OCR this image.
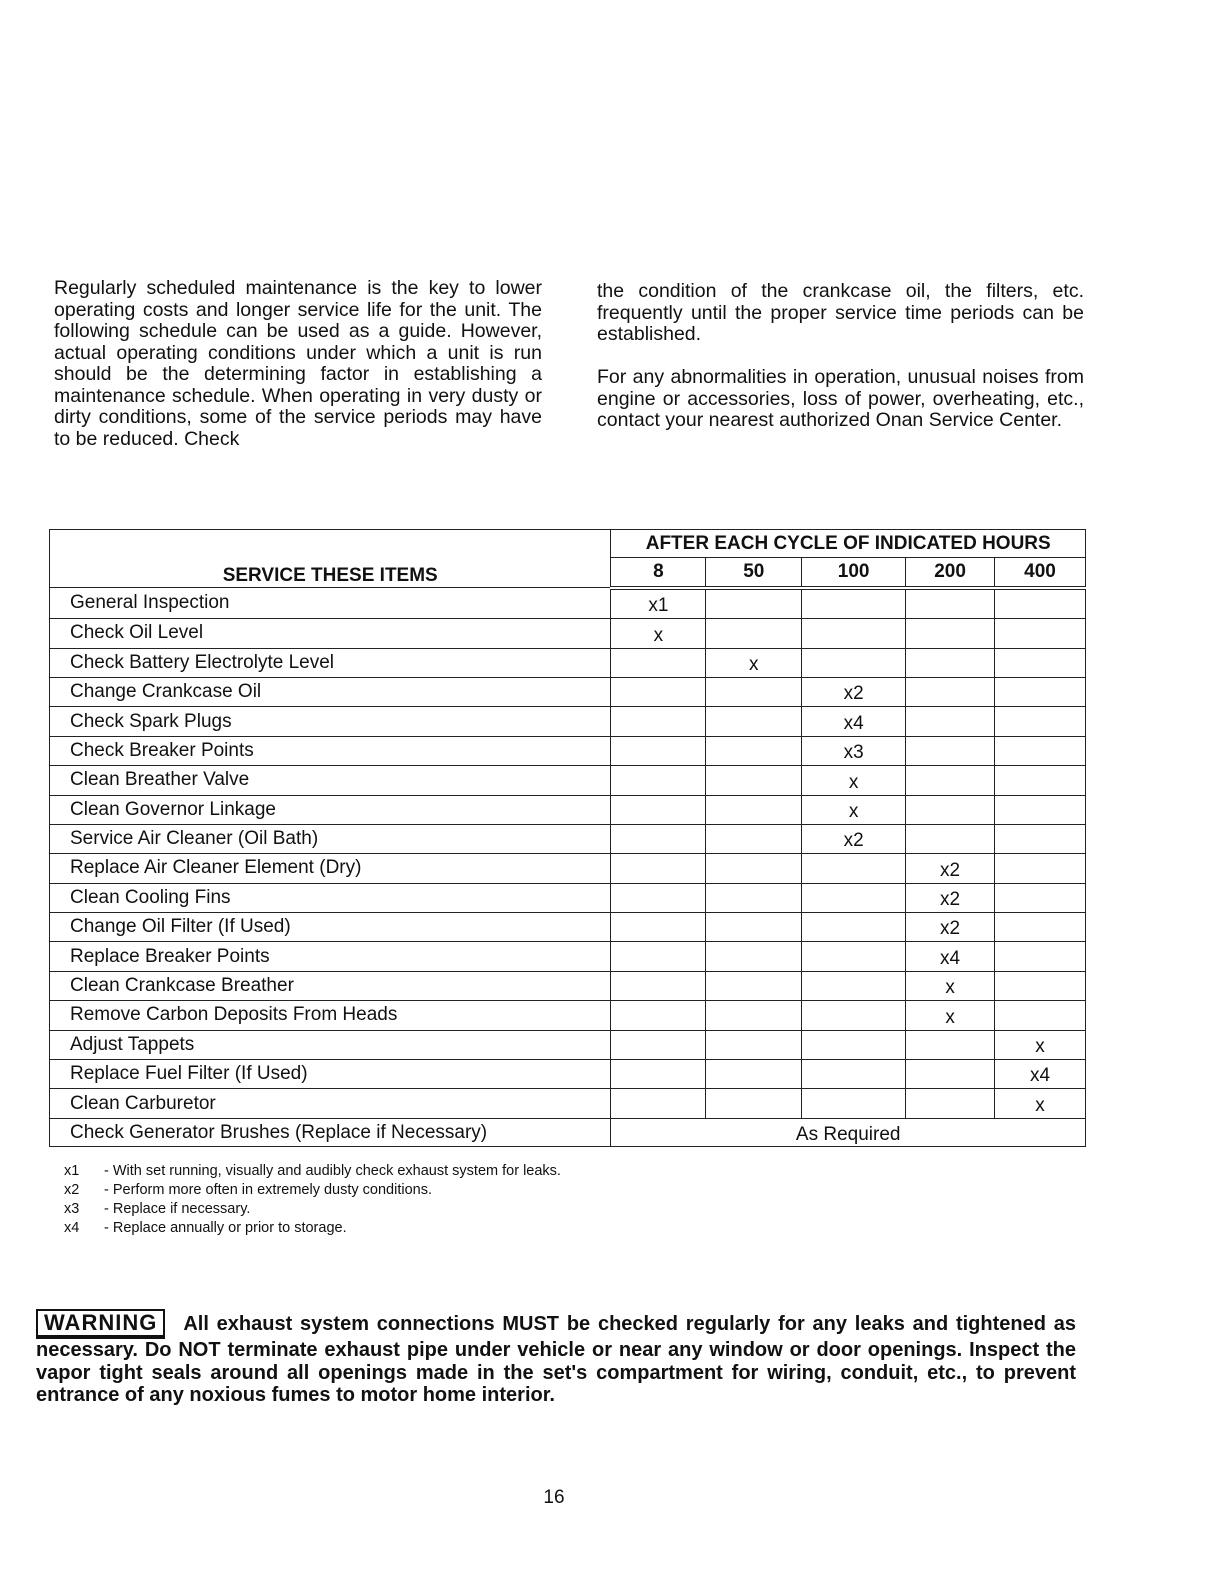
Regularly scheduled maintenance is the key to lower operating costs and longer service life for the unit. The following schedule can be used as a guide. However, actual operating conditions under which a unit is run should be the determining factor in establishing a maintenance schedule. When operating in very dusty or dirty conditions, some of the service periods may have to be reduced. Check

the condition of the crankcase oil, the filters, etc. frequently until the proper service time periods can be established.

For any abnormalities in operation, unusual noises from engine or accessories, loss of power, overheating, etc., contact your nearest authorized Onan Service Center.

SERVICE THESE ITEMS	AFTER EACH CYCLE OF INDICATED HOURS				
	8	50	100	200	400
General Inspection	x1				
Check Oil Level	x				
Check Battery Electrolyte Level		x			
Change Crankcase Oil			x2		
Check Spark Plugs			x4		
Check Breaker Points			x3		
Clean Breather Valve			x		
Clean Governor Linkage			x		
Service Air Cleaner (Oil Bath)			x2		
Replace Air Cleaner Element (Dry)				x2	
Clean Cooling Fins				x2	
Change Oil Filter (If Used)				x2	
Replace Breaker Points				x4	
Clean Crankcase Breather				x	
Remove Carbon Deposits From Heads				x	
Adjust Tappets					x
Replace Fuel Filter (If Used)					x4
Clean Carburetor					x
Check Generator Brushes (Replace if Necessary)	As Required				
x1	- With set running, visually and audibly check exhaust system for leaks.
x2	- Perform more often in extremely dusty conditions.
x3	- Replace if necessary.
x4	- Replace annually or prior to storage.
WARNING All exhaust system connections MUST be checked regularly for any leaks and tightened as necessary. Do NOT terminate exhaust pipe under vehicle or near any window or door openings. Inspect the vapor tight seals around all openings made in the set's compartment for wiring, conduit, etc., to prevent entrance of any noxious fumes to motor home interior.
16
